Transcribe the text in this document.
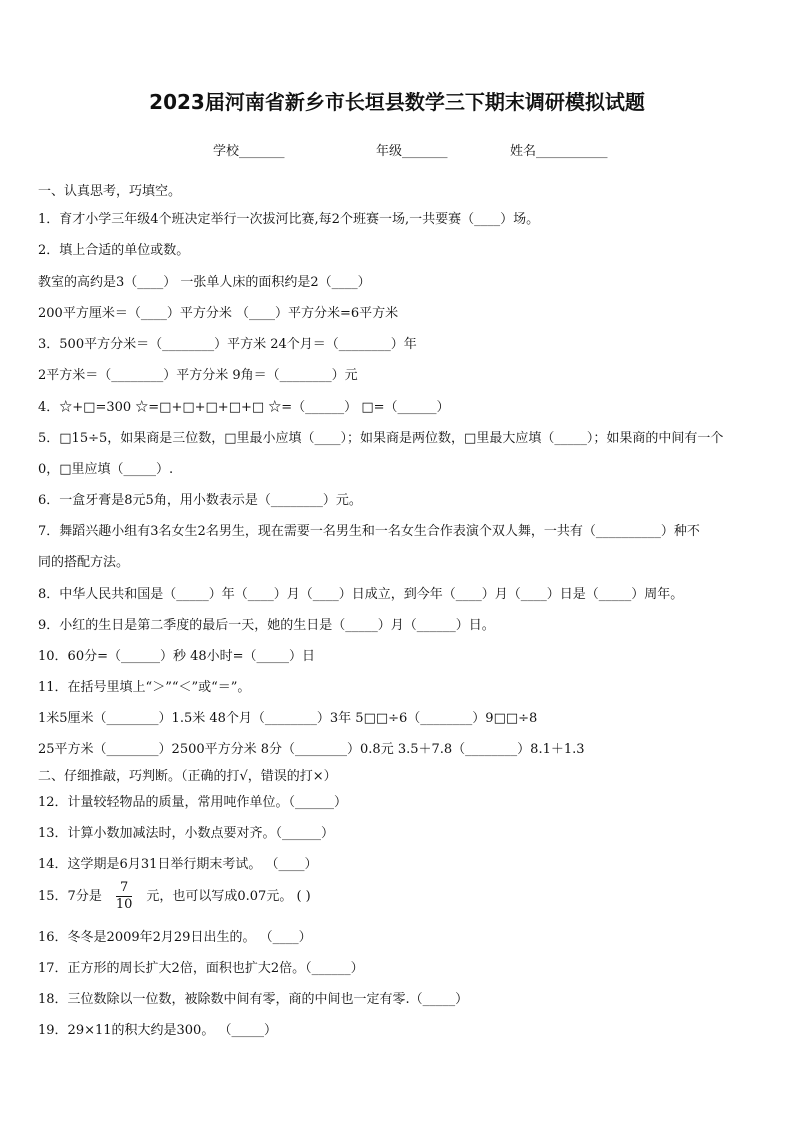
2023届河南省新乡市长垣县数学三下期末调研模拟试题
学校_______	年级_______	姓名___________
一、认真思考，巧填空。
1．育才小学三年级4个班决定举行一次拔河比赛,每2个班赛一场,一共要赛（____）场。
2．填上合适的单位或数。
教室的高约是3（____） 一张单人床的面积约是2（____）
200平方厘米＝（____）平方分米 （____）平方分米=6平方米
3．500平方分米＝（________）平方米 24个月＝（________）年
2平方米＝（________）平方分米 9角＝（________）元
4．☆+□=300 ☆=□+□+□+□+□ ☆=（______） □=（______）
5．□15÷5，如果商是三位数，□里最小应填（____）；如果商是两位数，□里最大应填（_____）；如果商的中间有一个
0，□里应填（_____）.
6．一盒牙膏是8元5角，用小数表示是（________）元。
7．舞蹈兴趣小组有3名女生2名男生，现在需要一名男生和一名女生合作表演个双人舞，一共有（__________）种不
同的搭配方法。
8．中华人民共和国是（_____）年（____）月（____）日成立，到今年（____）月（____）日是（_____）周年。
9．小红的生日是第二季度的最后一天，她的生日是（_____）月（______）日。
10．60分=（______）秒 48小时=（_____）日
11．在括号里填上“＞”“＜”或“＝”。
1米5厘米（________）1.5米 48个月（________）3年 5□□÷6（________）9□□÷8
25平方米（________）2500平方分米 8分（________）0.8元 3.5＋7.8（________）8.1＋1.3
二、仔细推敲，巧判断。（正确的打√，错误的打×）
12．计量较轻物品的质量，常用吨作单位。（______）
13．计算小数加减法时，小数点要对齐。（______）
14．这学期是6月31日举行期末考试。 （____）
15．7分是 $\frac{7}{10}$ 元，也可以写成0.07元。 ( )
16．冬冬是2009年2月29日出生的。 （____）
17．正方形的周长扩大2倍，面积也扩大2倍。（______）
18．三位数除以一位数，被除数中间有零，商的中间也一定有零.（_____）
19．29×11的积大约是300。 （_____）
